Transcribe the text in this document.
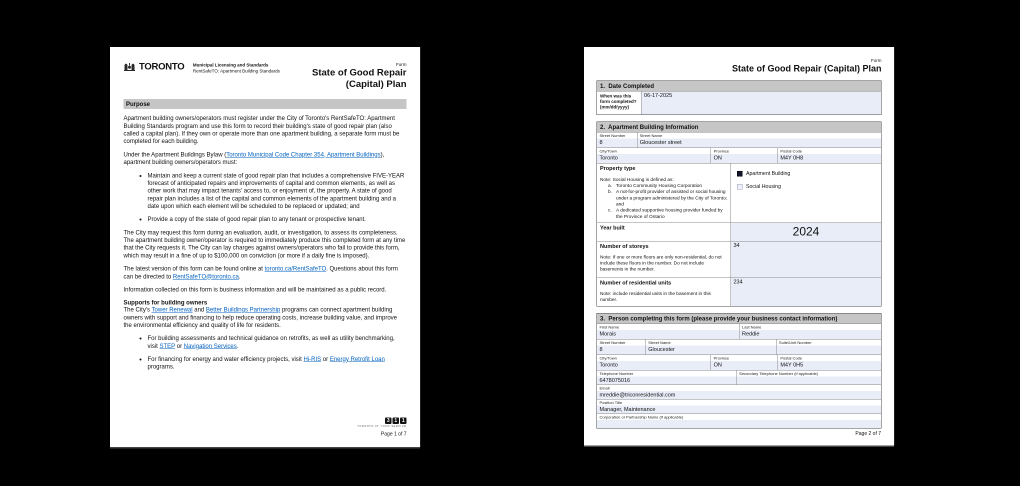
TORONTO Municipal Licensing and Standards
RentSafeTO: Apartment Building Standards
Form
State of Good Repair
(Capital) Plan
Purpose
Apartment building owners/operators must register under the City of Toronto's RentSafeTO: Apartment Building Standards program and use this form to record their building's state of good repair plan (also called a capital plan). If they own or operate more than one apartment building, a separate form must be completed for each building.
Under the Apartment Buildings Bylaw (Toronto Municipal Code Chapter 354, Apartment Buildings), apartment building owners/operators must:
• Maintain and keep a current state of good repair plan that includes a comprehensive FIVE-YEAR forecast of anticipated repairs and improvements of capital and common elements, as well as other work that may impact tenants' access to, or enjoyment of, the property. A state of good repair plan includes a list of the capital and common elements of the apartment building and a date upon which each element will be scheduled to be replaced or updated; and
• Provide a copy of the state of good repair plan to any tenant or prospective tenant.
The City may request this form during an evaluation, audit, or investigation, to assess its completeness. The apartment building owner/operator is required to immediately produce this completed form at any time that the City requests it. The City can lay charges against owners/operators who fail to provide this form, which may result in a fine of up to $100,000 on conviction (or more if a daily fine is imposed).
The latest version of this form can be found online at toronto.ca/RentSafeTO. Questions about this form can be directed to RentSafeTO@toronto.ca.
Information collected on this form is business information and will be maintained as a public record.
Supports for building owners
The City's Tower Renewal and Better Buildings Partnership programs can connect apartment building owners with support and financing to help reduce operating costs, increase building value, and improve the environmental efficiency and quality of life for residents.
• For building assessments and technical guidance on retrofits, as well as utility benchmarking, visit STEP or Navigation Services.
• For financing for energy and water efficiency projects, visit Hi-RIS or Energy Retrofit Loan programs.
3 1 1
TORONTO AT YOUR SERVICE
Page 1 of 7
Form
State of Good Repair (Capital) Plan
1.  Date Completed
When was this form completed? (mm/dd/yyyy)
06-17-2025
2.  Apartment Building Information
Street Number
8
Street Name
Gloucester street
City/Town
Toronto
Province
ON
Postal Code
M4Y 0H8
Property type
Note: Social Housing is defined as:
a. Toronto Community Housing Corporation
b. A not-for-profit provider of assisted or social housing under a program administered by the City of Toronto; and
c. A dedicated supportive housing provider funded by the Province of Ontario
Apartment Building
Social Housing
Year built	2024
Number of storeys
Note: If one or more floors are only non-residential, do not include these floors in the number. Do not include basements in the number.
34
Number of residential units
Note: include residential units in the basement in this number.
234
3.  Person completing this form (please provide your business contact information)
First Name
Morais
Last Name
Reddie
Street Number
8
Street Name
Gloucester
Suite/Unit Number
City/Town
Toronto
Province
ON
Postal Code
M4Y 0H5
Telephone Number
6478075016
Secondary Telephone Number (if applicable)
Email
mreddie@triconresidential.com
Position Title
Manager, Maintenance
Corporation or Partnership Name (if applicable)
Page 2 of 7
